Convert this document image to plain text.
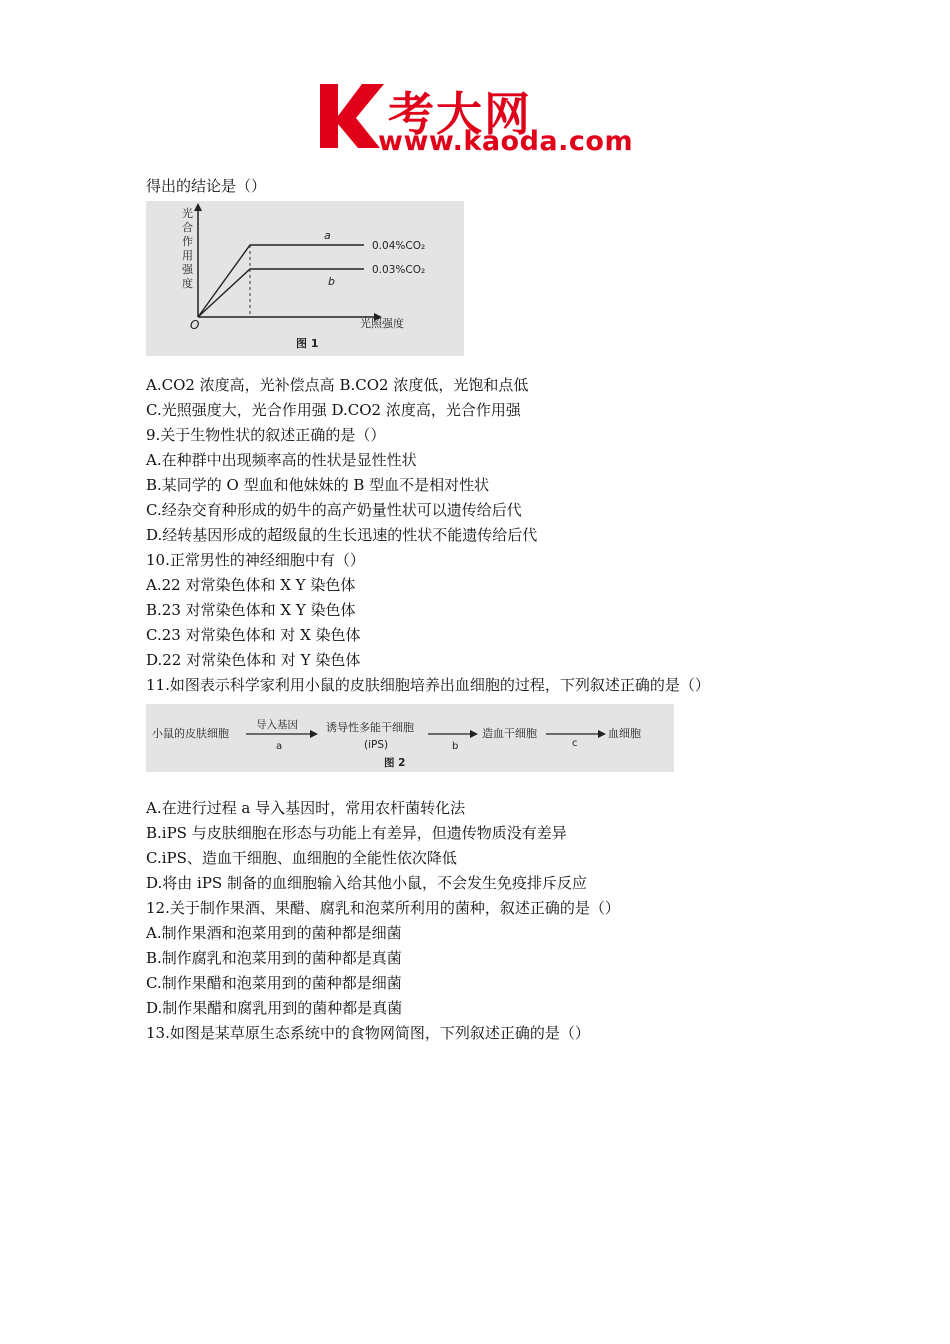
考大网
www.kaoda.com
得出的结论是（）
光
合
作
用
强
度
O	光照强度
a
b
0.04%CO₂
0.03%CO₂
图 1
A.CO2 浓度高，光补偿点高 B.CO2 浓度低，光饱和点低
C.光照强度大，光合作用强 D.CO2 浓度高，光合作用强
9.关于生物性状的叙述正确的是（）
A.在种群中出现频率高的性状是显性性状
B.某同学的 O 型血和他妹妹的 B 型血不是相对性状
C.经杂交育种形成的奶牛的高产奶量性状可以遗传给后代
D.经转基因形成的超级鼠的生长迅速的性状不能遗传给后代
10.正常男性的神经细胞中有（）
A.22 对常染色体和 X Y 染色体
B.23 对常染色体和 X Y 染色体
C.23 对常染色体和 对 X 染色体
D.22 对常染色体和 对 Y 染色体
11.如图表示科学家利用小鼠的皮肤细胞培养出血细胞的过程，下列叙述正确的是（）
小鼠的皮肤细胞
导入基因
a
诱导性多能干细胞
(iPS)	b
造血干细胞
c
血细胞
图 2
A.在进行过程 a 导入基因时，常用农杆菌转化法
B.iPS 与皮肤细胞在形态与功能上有差异，但遗传物质没有差异
C.iPS、造血干细胞、血细胞的全能性依次降低
D.将由 iPS 制备的血细胞输入给其他小鼠，不会发生免疫排斥反应
12.关于制作果酒、果醋、腐乳和泡菜所利用的菌种，叙述正确的是（）
A.制作果酒和泡菜用到的菌种都是细菌
B.制作腐乳和泡菜用到的菌种都是真菌
C.制作果醋和泡菜用到的菌种都是细菌
D.制作果醋和腐乳用到的菌种都是真菌
13.如图是某草原生态系统中的食物网简图，下列叙述正确的是（）
